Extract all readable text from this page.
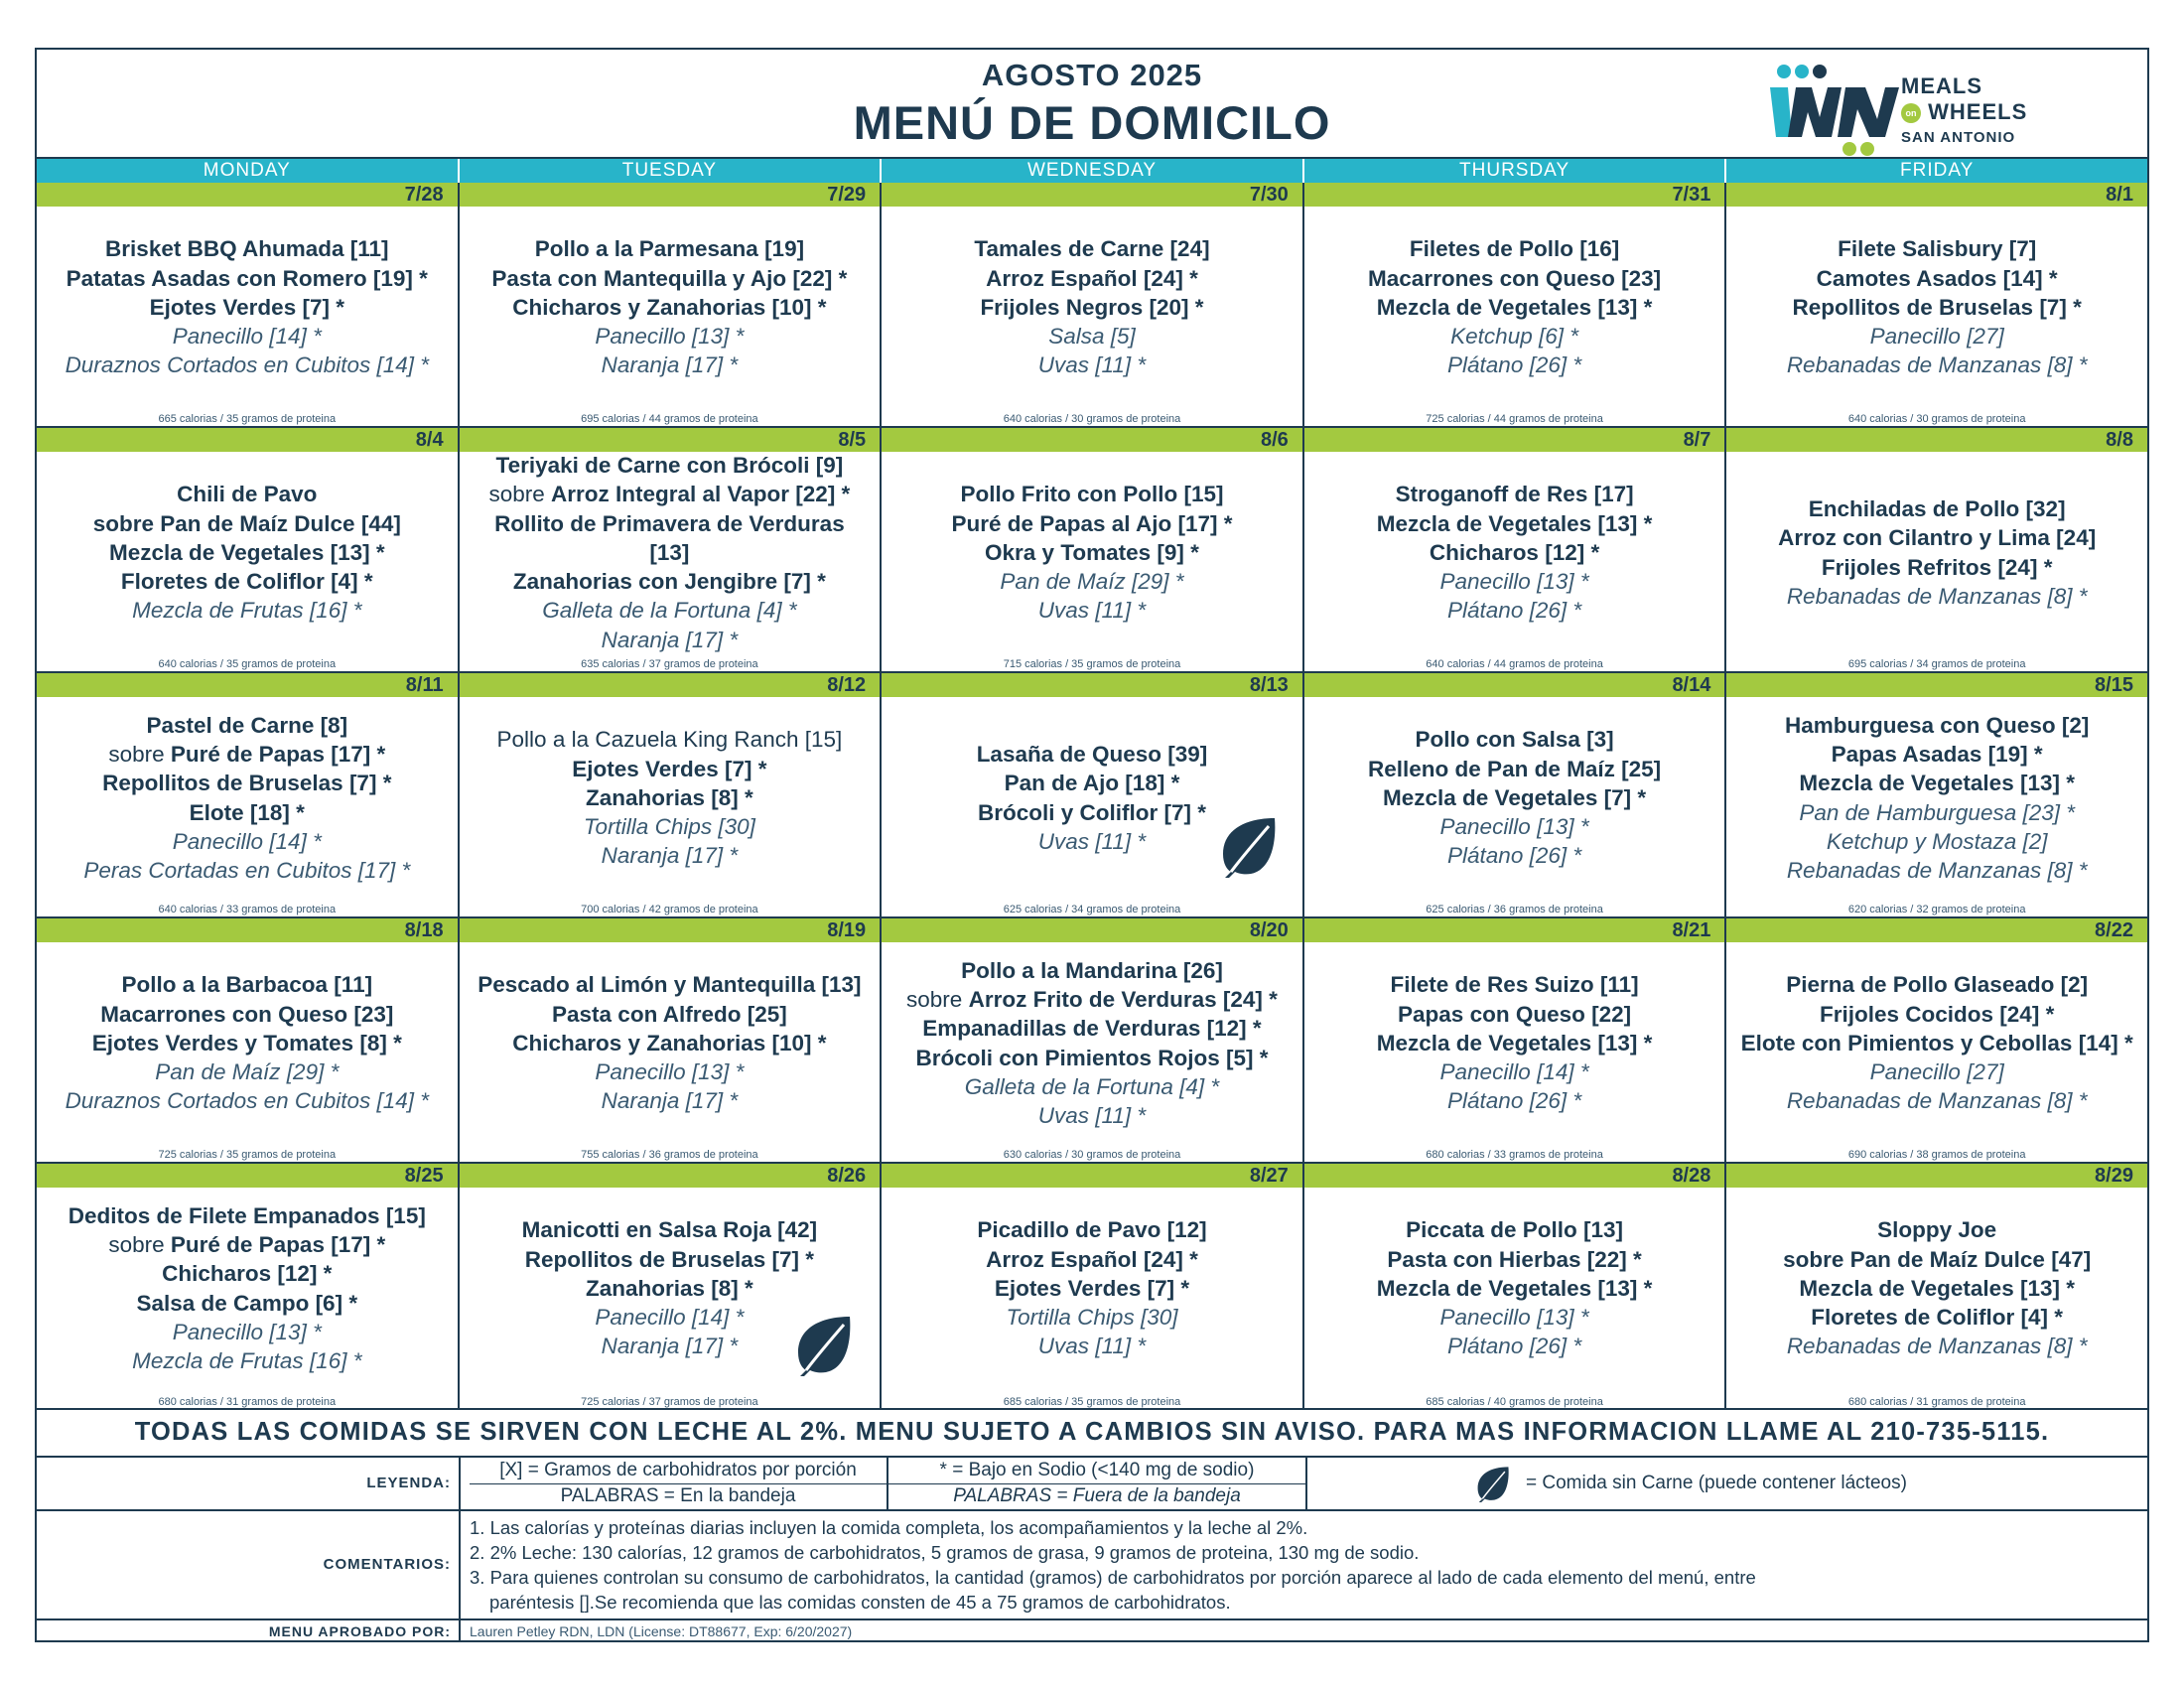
AGOSTO 2025
MENÚ DE DOMICILO
MEALS
on WHEELS
SAN ANTONIO
MONDAY	TUESDAY	WEDNESDAY	THURSDAY	FRIDAY
7/28
Brisket BBQ Ahumada [11]
Patatas Asadas con Romero [19] *
Ejotes Verdes [7] *
Panecillo [14] *
Duraznos Cortados en Cubitos [14] *
665 calorias / 35 gramos de proteina
7/29
Pollo a la Parmesana [19]
Pasta con Mantequilla y Ajo [22] *
Chicharos y Zanahorias [10] *
Panecillo [13] *
Naranja [17] *
695 calorias / 44 gramos de proteina
7/30
Tamales de Carne [24]
Arroz Español [24] *
Frijoles Negros [20] *
Salsa [5]
Uvas [11] *
640 calorias / 30 gramos de proteina
7/31
Filetes de Pollo [16]
Macarrones con Queso [23]
Mezcla de Vegetales [13] *
Ketchup [6] *
Plátano [26] *
725 calorias / 44 gramos de proteina
8/1
Filete Salisbury [7]
Camotes Asados [14] *
Repollitos de Bruselas [7] *
Panecillo [27]
Rebanadas de Manzanas [8] *
640 calorias / 30 gramos de proteina
8/4
Chili de Pavo
sobre Pan de Maíz Dulce [44]
Mezcla de Vegetales [13] *
Floretes de Coliflor [4] *
Mezcla de Frutas [16] *
640 calorias / 35 gramos de proteina
8/5
Teriyaki de Carne con Brócoli [9]
sobre Arroz Integral al Vapor [22] *
Rollito de Primavera de Verduras
[13]
Zanahorias con Jengibre [7] *
Galleta de la Fortuna [4] *
Naranja [17] *
635 calorias / 37 gramos de proteina
8/6
Pollo Frito con Pollo [15]
Puré de Papas al Ajo [17] *
Okra y Tomates [9] *
Pan de Maíz [29] *
Uvas [11] *
715 calorias / 35 gramos de proteina
8/7
Stroganoff de Res [17]
Mezcla de Vegetales [13] *
Chicharos [12] *
Panecillo [13] *
Plátano [26] *
640 calorias / 44 gramos de proteina
8/8
Enchiladas de Pollo [32]
Arroz con Cilantro y Lima [24]
Frijoles Refritos [24] *
Rebanadas de Manzanas [8] *
695 calorias / 34 gramos de proteina
8/11
Pastel de Carne [8]
sobre Puré de Papas [17] *
Repollitos de Bruselas [7] *
Elote [18] *
Panecillo [14] *
Peras Cortadas en Cubitos [17] *
640 calorias / 33 gramos de proteina
8/12
Pollo a la Cazuela King Ranch [15]
Ejotes Verdes [7] *
Zanahorias [8] *
Tortilla Chips [30]
Naranja [17] *
700 calorias / 42 gramos de proteina
8/13
Lasaña de Queso [39]
Pan de Ajo [18] *
Brócoli y Coliflor [7] *
Uvas [11] *
625 calorias / 34 gramos de proteina
8/14
Pollo con Salsa [3]
Relleno de Pan de Maíz [25]
Mezcla de Vegetales [7] *
Panecillo [13] *
Plátano [26] *
625 calorias / 36 gramos de proteina
8/15
Hamburguesa con Queso [2]
Papas Asadas [19] *
Mezcla de Vegetales [13] *
Pan de Hamburguesa [23] *
Ketchup y Mostaza [2]
Rebanadas de Manzanas [8] *
620 calorias / 32 gramos de proteina
8/18
Pollo a la Barbacoa [11]
Macarrones con Queso [23]
Ejotes Verdes y Tomates [8] *
Pan de Maíz [29] *
Duraznos Cortados en Cubitos [14] *
725 calorias / 35 gramos de proteina
8/19
Pescado al Limón y Mantequilla [13]
Pasta con Alfredo [25]
Chicharos y Zanahorias [10] *
Panecillo [13] *
Naranja [17] *
755 calorias / 36 gramos de proteina
8/20
Pollo a la Mandarina [26]
sobre Arroz Frito de Verduras [24] *
Empanadillas de Verduras [12] *
Brócoli con Pimientos Rojos [5] *
Galleta de la Fortuna [4] *
Uvas [11] *
630 calorias / 30 gramos de proteina
8/21
Filete de Res Suizo [11]
Papas con Queso [22]
Mezcla de Vegetales [13] *
Panecillo [14] *
Plátano [26] *
680 calorias / 33 gramos de proteina
8/22
Pierna de Pollo Glaseado [2]
Frijoles Cocidos [24] *
Elote con Pimientos y Cebollas [14] *
Panecillo [27]
Rebanadas de Manzanas [8] *
690 calorias / 38 gramos de proteina
8/25
Deditos de Filete Empanados [15]
sobre Puré de Papas [17] *
Chicharos [12] *
Salsa de Campo [6] *
Panecillo [13] *
Mezcla de Frutas [16] *
680 calorias / 31 gramos de proteina
8/26
Manicotti en Salsa Roja [42]
Repollitos de Bruselas [7] *
Zanahorias [8] *
Panecillo [14] *
Naranja [17] *
725 calorias / 37 gramos de proteina
8/27
Picadillo de Pavo [12]
Arroz Español [24] *
Ejotes Verdes [7] *
Tortilla Chips [30]
Uvas [11] *
685 calorias / 35 gramos de proteina
8/28
Piccata de Pollo [13]
Pasta con Hierbas [22] *
Mezcla de Vegetales [13] *
Panecillo [13] *
Plátano [26] *
685 calorias / 40 gramos de proteina
8/29
Sloppy Joe
sobre Pan de Maíz Dulce [47]
Mezcla de Vegetales [13] *
Floretes de Coliflor [4] *
Rebanadas de Manzanas [8] *
680 calorias / 31 gramos de proteina
TODAS LAS COMIDAS SE SIRVEN CON LECHE AL 2%. MENU SUJETO A CAMBIOS SIN AVISO. PARA MAS INFORMACION LLAME AL 210-735-5115.
LEYENDA:
[X] = Gramos de carbohidratos por porción
PALABRAS = En la bandeja
* = Bajo en Sodio (<140 mg de sodio)
PALABRAS = Fuera de la bandeja
= Comida sin Carne (puede contener lácteos)
COMENTARIOS:
1. Las calorías y proteínas diarias incluyen la comida completa, los acompañamientos y la leche al 2%.
2. 2% Leche: 130 calorías, 12 gramos de carbohidratos, 5 gramos de grasa, 9 gramos de proteina, 130 mg de sodio.
3. Para quienes controlan su consumo de carbohidratos, la cantidad (gramos) de carbohidratos por porción aparece al lado de cada elemento del menú, entre
paréntesis [].Se recomienda que las comidas consten de 45 a 75 gramos de carbohidratos.
MENU APROBADO POR:	Lauren Petley RDN, LDN (License: DT88677, Exp: 6/20/2027)
